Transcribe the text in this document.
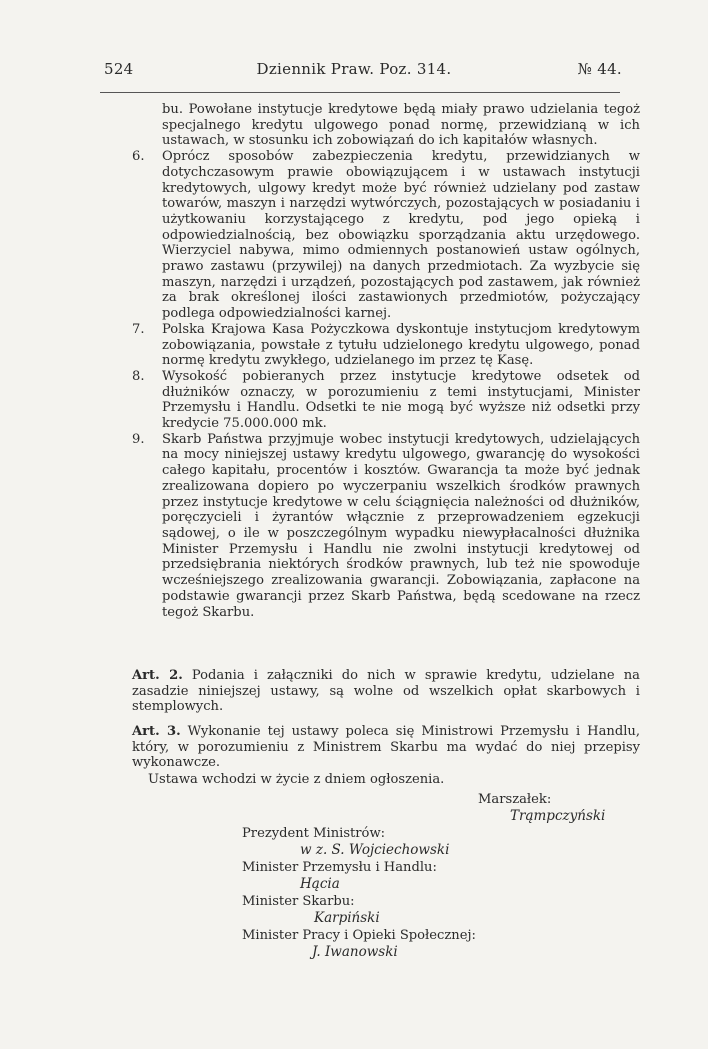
524	Dziennik Praw. Poz. 314.	№ 44.
bu. Powołane instytucje kredytowe będą miały prawo udzielania tegoż specjalnego kredytu ulgowego ponad normę, przewidzianą w ich ustawach, w stosunku ich zobowiązań do ich kapitałów własnych.
6. Oprócz sposobów zabezpieczenia kredytu, przewidzianych w dotychczasowym prawie obowiązującem i w ustawach instytucji kredytowych, ulgowy kredyt może być również udzielany pod zastaw towarów, maszyn i narzędzi wytwórczych, pozostających w posiadaniu i użytkowaniu korzystającego z kredytu, pod jego opieką i odpowiedzialnością, bez obowiązku sporządzania aktu urzędowego. Wierzyciel nabywa, mimo odmiennych postanowień ustaw ogólnych, prawo zastawu (przywilej) na danych przedmiotach. Za wyzbycie się maszyn, narzędzi i urządzeń, pozostających pod zastawem, jak również za brak określonej ilości zastawionych przedmiotów, pożyczający podlega odpowiedzialności karnej.
7. Polska Krajowa Kasa Pożyczkowa dyskontuje instytucjom kredytowym zobowiązania, powstałe z tytułu udzielonego kredytu ulgowego, ponad normę kredytu zwykłego, udzielanego im przez tę Kasę.
8. Wysokość pobieranych przez instytucje kredytowe odsetek od dłużników oznaczy, w porozumieniu z temi instytucjami, Minister Przemysłu i Handlu. Odsetki te nie mogą być wyższe niż odsetki przy kredycie 75.000.000 mk.
9. Skarb Państwa przyjmuje wobec instytucji kredytowych, udzielających na mocy niniejszej ustawy kredytu ulgowego, gwarancję do wysokości całego kapitału, procentów i kosztów. Gwarancja ta może być jednak zrealizowana dopiero po wyczerpaniu wszelkich środków prawnych przez instytucje kredytowe w celu ściągnięcia należności od dłużników, poręczycieli i żyrantów włącznie z przeprowadzeniem egzekucji sądowej, o ile w poszczególnym wypadku niewypłacalności dłużnika Minister Przemysłu i Handlu nie zwolni instytucji kredytowej od przedsiębrania niektórych środków prawnych, lub też nie spowoduje wcześniejszego zrealizowania gwarancji. Zobowiązania, zapłacone na podstawie gwarancji przez Skarb Państwa, będą scedowane na rzecz tegoż Skarbu.
Art. 2. Podania i załączniki do nich w sprawie kredytu, udzielane na zasadzie niniejszej ustawy, są wolne od wszelkich opłat skarbowych i stemplowych.
Art. 3. Wykonanie tej ustawy poleca się Ministrowi Przemysłu i Handlu, który, w porozumieniu z Ministrem Skarbu ma wydać do niej przepisy wykonawcze.
Ustawa wchodzi w życie z dniem ogłoszenia.
Marszałek:
Trąmpczyński
Prezydent Ministrów:
w z. S. Wojciechowski
Minister Przemysłu i Handlu:
Hącia
Minister Skarbu:
Karpiński
Minister Pracy i Opieki Społecznej:
J. Iwanowski
